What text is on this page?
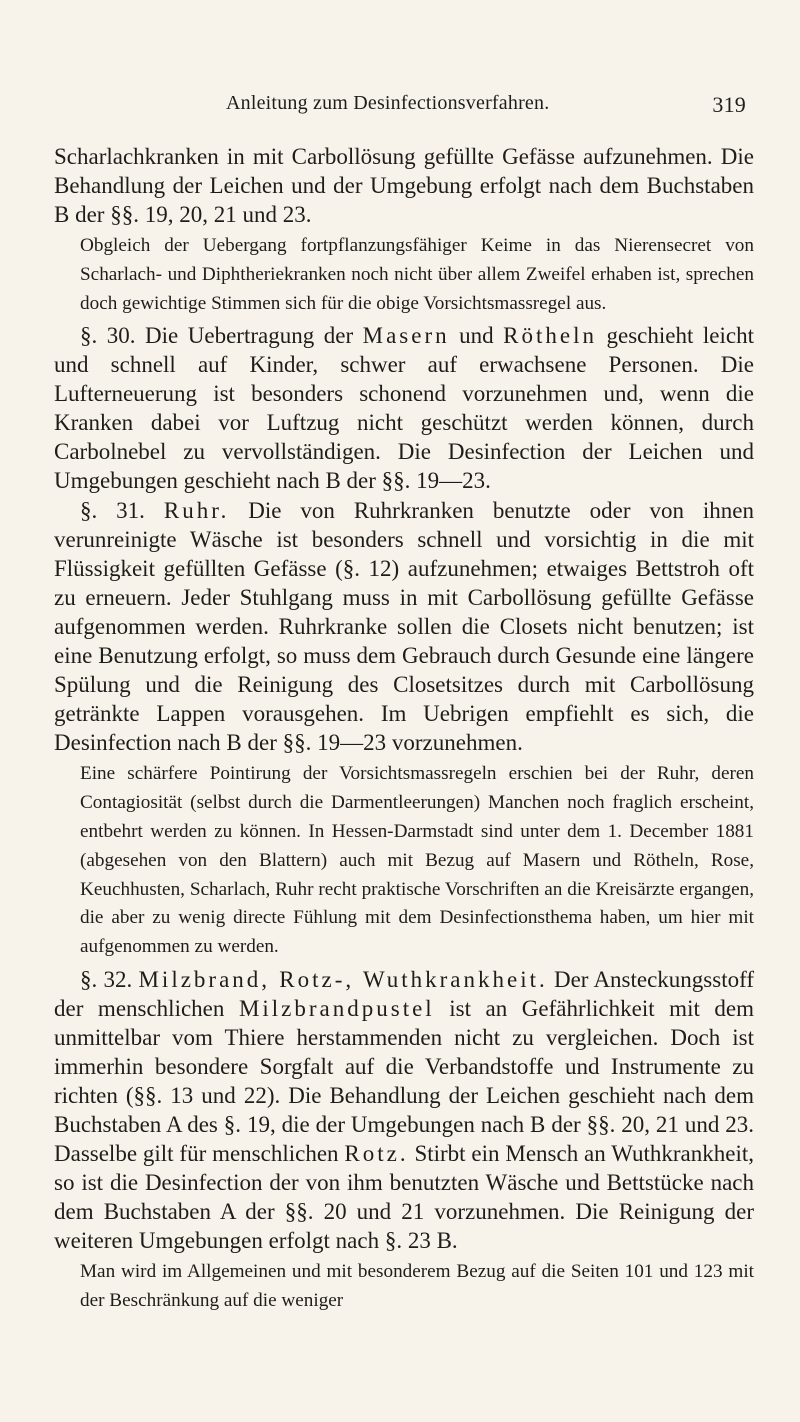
Anleitung zum Desinfectionsverfahren.	319

Scharlachkranken in mit Carbollösung gefüllte Gefässe aufzunehmen. Die Behandlung der Leichen und der Umgebung erfolgt nach dem Buchstaben B der §§. 19, 20, 21 und 23.

Obgleich der Uebergang fortpflanzungsfähiger Keime in das Nierensecret von Scharlach- und Diphtheriekranken noch nicht über allem Zweifel erhaben ist, sprechen doch gewichtige Stimmen sich für die obige Vorsichtsmassregel aus.

§. 30. Die Uebertragung der Masern und Rötheln geschieht leicht und schnell auf Kinder, schwer auf erwachsene Personen. Die Lufterneuerung ist besonders schonend vorzunehmen und, wenn die Kranken dabei vor Luftzug nicht geschützt werden können, durch Carbolnebel zu vervollständigen. Die Desinfection der Leichen und Umgebungen geschieht nach B der §§. 19—23.

§. 31. Ruhr. Die von Ruhrkranken benutzte oder von ihnen verunreinigte Wäsche ist besonders schnell und vorsichtig in die mit Flüssigkeit gefüllten Gefässe (§. 12) aufzunehmen; etwaiges Bettstroh oft zu erneuern. Jeder Stuhlgang muss in mit Carbollösung gefüllte Gefässe aufgenommen werden. Ruhrkranke sollen die Closets nicht benutzen; ist eine Benutzung erfolgt, so muss dem Gebrauch durch Gesunde eine längere Spülung und die Reinigung des Closetsitzes durch mit Carbollösung getränkte Lappen vorausgehen. Im Uebrigen empfiehlt es sich, die Desinfection nach B der §§. 19—23 vorzunehmen.

Eine schärfere Pointirung der Vorsichtsmassregeln erschien bei der Ruhr, deren Contagiosität (selbst durch die Darmentleerungen) Manchen noch fraglich erscheint, entbehrt werden zu können. In Hessen-Darmstadt sind unter dem 1. December 1881 (abgesehen von den Blattern) auch mit Bezug auf Masern und Rötheln, Rose, Keuchhusten, Scharlach, Ruhr recht praktische Vorschriften an die Kreisärzte ergangen, die aber zu wenig directe Fühlung mit dem Desinfectionsthema haben, um hier mit aufgenommen zu werden.

§. 32. Milzbrand, Rotz-, Wuthkrankheit. Der Ansteckungsstoff der menschlichen Milzbrandpustel ist an Gefährlichkeit mit dem unmittelbar vom Thiere herstammenden nicht zu vergleichen. Doch ist immerhin besondere Sorgfalt auf die Verbandstoffe und Instrumente zu richten (§§. 13 und 22). Die Behandlung der Leichen geschieht nach dem Buchstaben A des §. 19, die der Umgebungen nach B der §§. 20, 21 und 23. Dasselbe gilt für menschlichen Rotz. Stirbt ein Mensch an Wuthkrankheit, so ist die Desinfection der von ihm benutzten Wäsche und Bettstücke nach dem Buchstaben A der §§. 20 und 21 vorzunehmen. Die Reinigung der weiteren Umgebungen erfolgt nach §. 23 B.

Man wird im Allgemeinen und mit besonderem Bezug auf die Seiten 101 und 123 mit der Beschränkung auf die weniger
